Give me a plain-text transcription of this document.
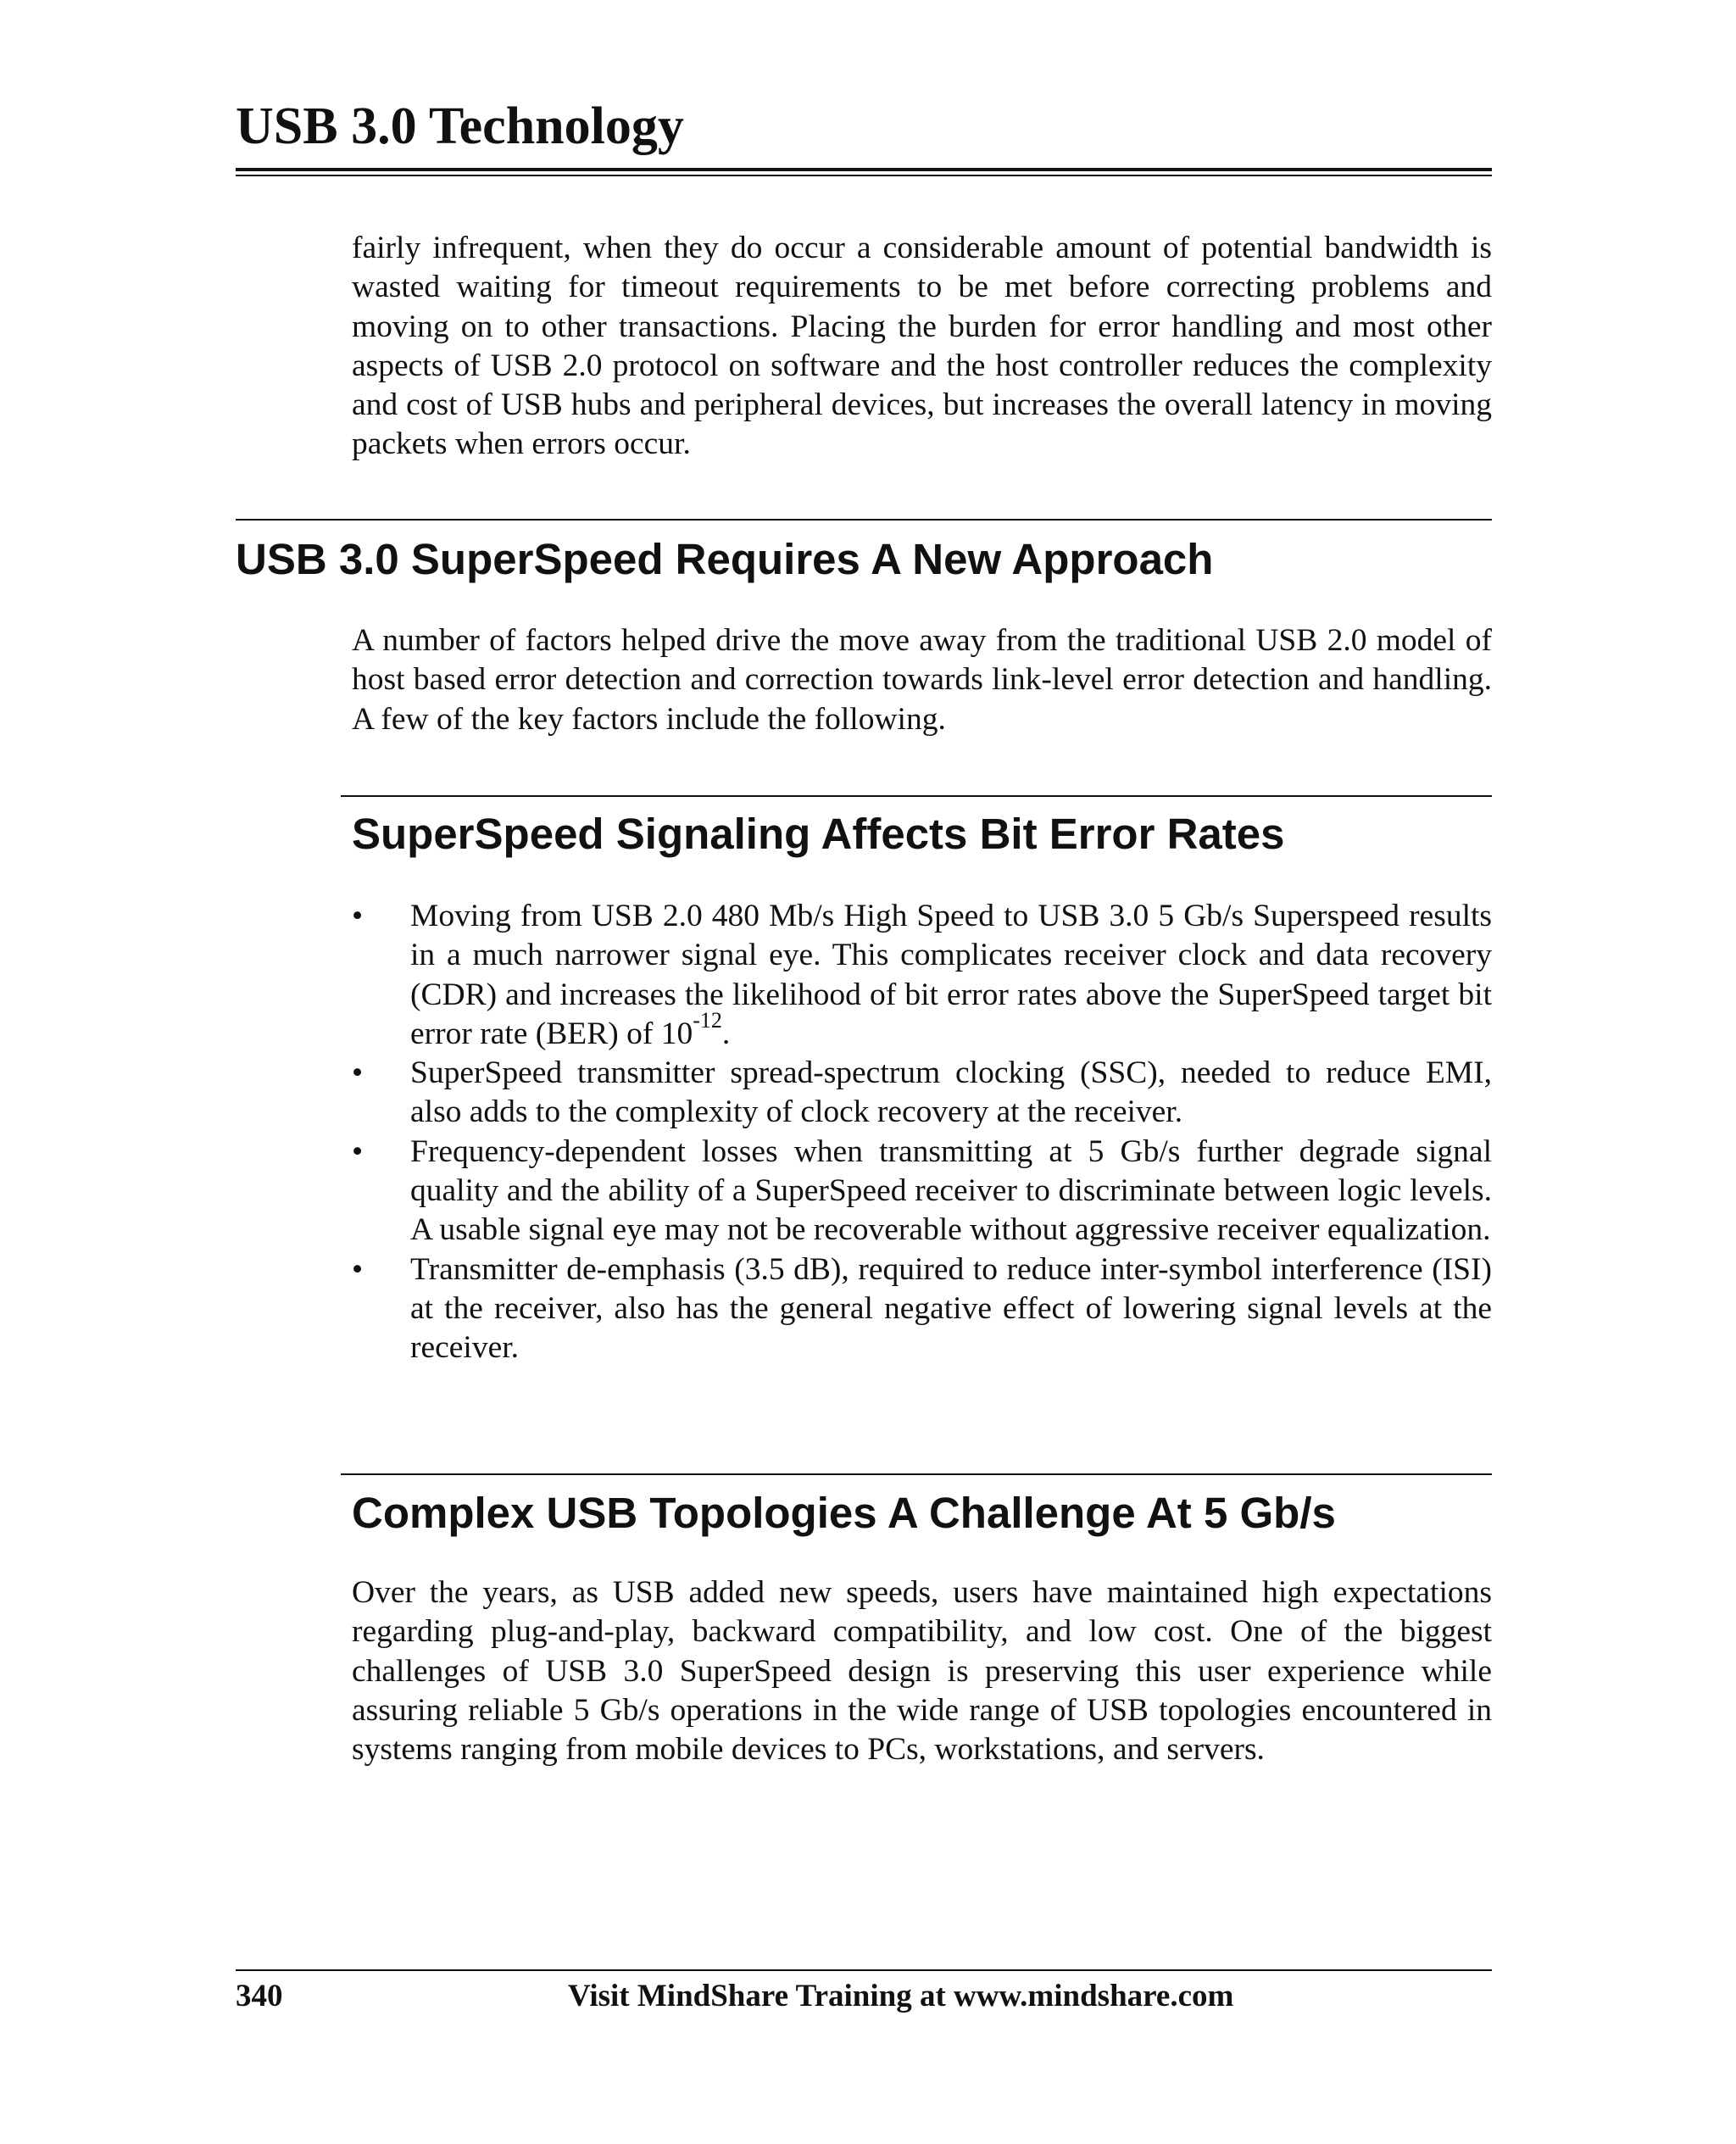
USB 3.0 Technology

fairly infrequent, when they do occur a considerable amount of potential bandwidth is wasted waiting for timeout requirements to be met before correcting problems and moving on to other transactions. Placing the burden for error handling and most other aspects of USB 2.0 protocol on software and the host controller reduces the complexity and cost of USB hubs and peripheral devices, but increases the overall latency in moving packets when errors occur.

USB 3.0 SuperSpeed Requires A New Approach

A number of factors helped drive the move away from the traditional USB 2.0 model of host based error detection and correction towards link-level error detection and handling. A few of the key factors include the following.

SuperSpeed Signaling Affects Bit Error Rates
•	Moving from USB 2.0 480 Mb/s High Speed to USB 3.0 5 Gb/s Superspeed results in a much narrower signal eye. This complicates receiver clock and data recovery (CDR) and increases the likelihood of bit error rates above the SuperSpeed target bit error rate (BER) of $10^{-12}$.
•	SuperSpeed transmitter spread-spectrum clocking (SSC), needed to reduce EMI, also adds to the complexity of clock recovery at the receiver.
•	Frequency-dependent losses when transmitting at 5 Gb/s further degrade signal quality and the ability of a SuperSpeed receiver to discriminate between logic levels. A usable signal eye may not be recoverable without aggressive receiver equalization.
•	Transmitter de-emphasis (3.5 dB), required to reduce inter-symbol interference (ISI) at the receiver, also has the general negative effect of lowering signal levels at the receiver.
Complex USB Topologies A Challenge At 5 Gb/s

Over the years, as USB added new speeds, users have maintained high expectations regarding plug-and-play, backward compatibility, and low cost. One of the biggest challenges of USB 3.0 SuperSpeed design is preserving this user experience while assuring reliable 5 Gb/s operations in the wide range of USB topologies encountered in systems ranging from mobile devices to PCs, workstations, and servers.

340	Visit MindShare Training at www.mindshare.com
